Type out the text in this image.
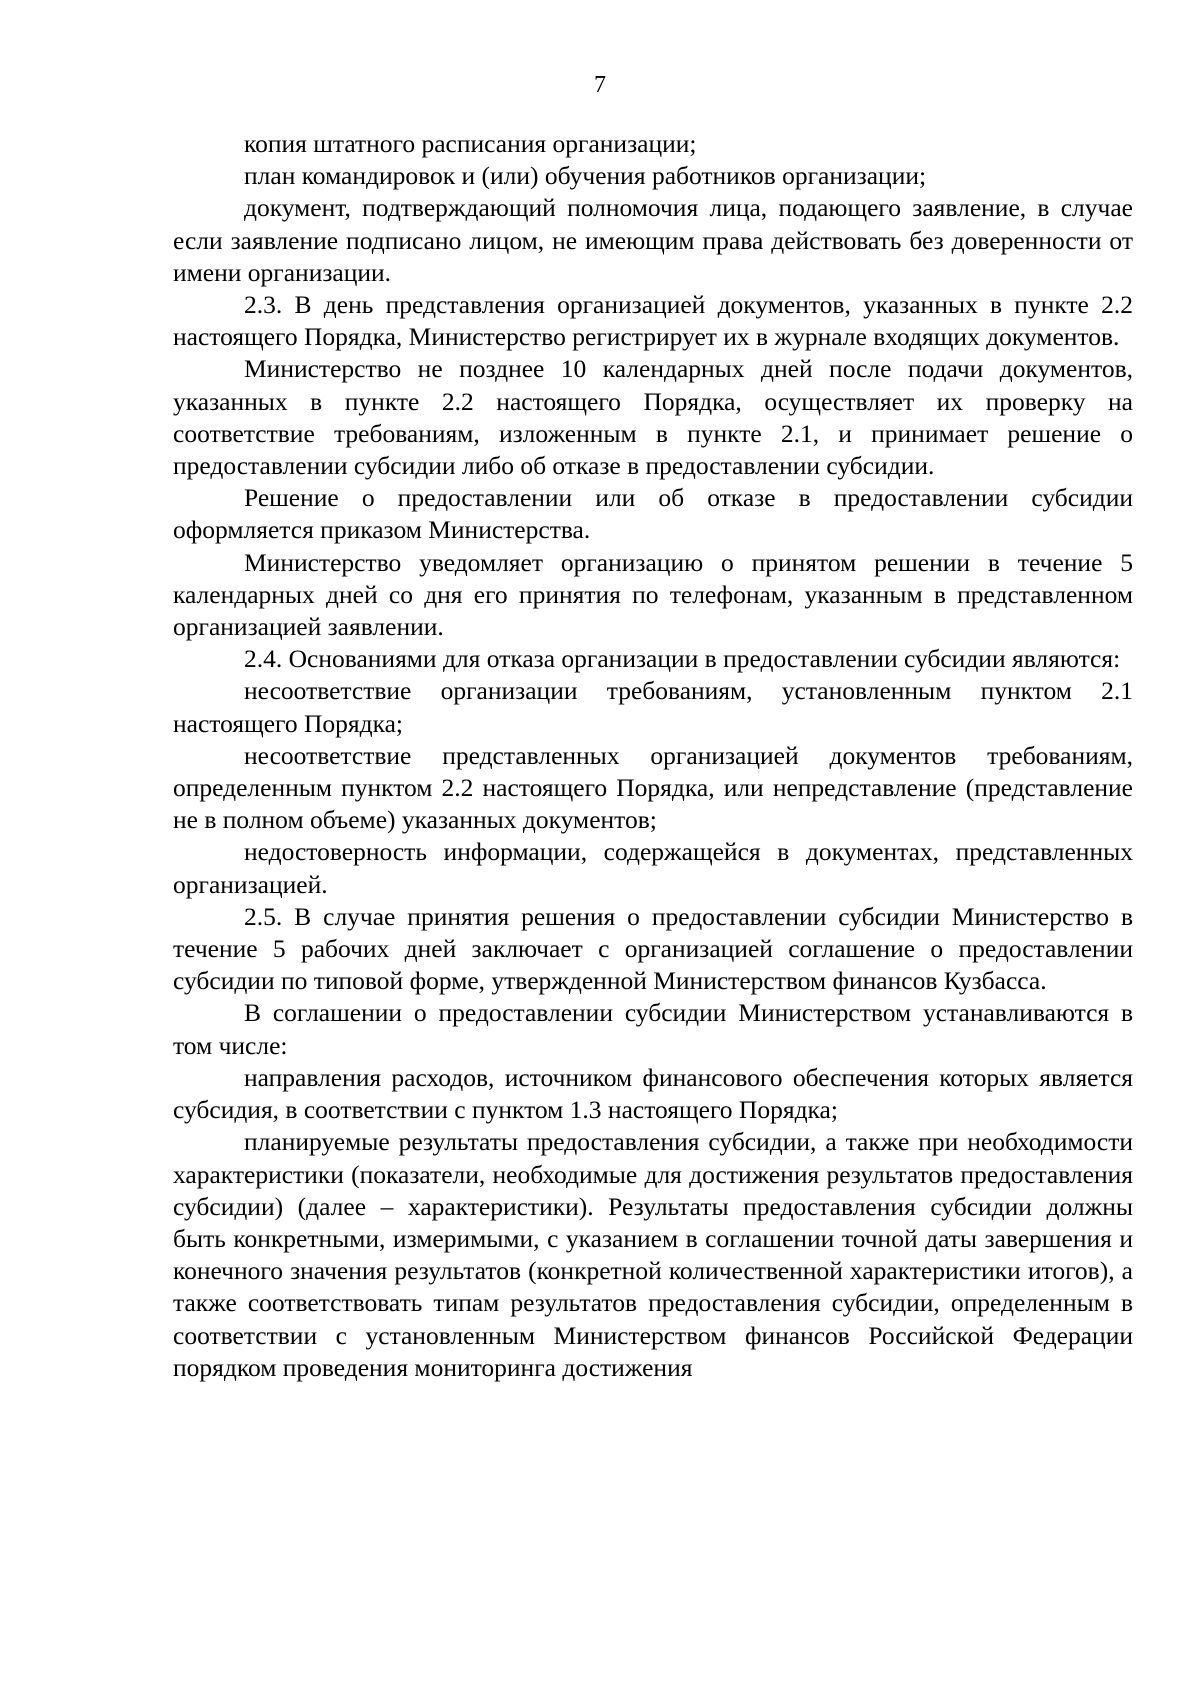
7

копия штатного расписания организации;

план командировок и (или) обучения работников организации;

документ, подтверждающий полномочия лица, подающего заявление, в случае если заявление подписано лицом, не имеющим права действовать без доверенности от имени организации.

2.3. В день представления организацией документов, указанных в пункте 2.2 настоящего Порядка, Министерство регистрирует их в журнале входящих документов.

Министерство не позднее 10 календарных дней после подачи документов, указанных в пункте 2.2 настоящего Порядка, осуществляет их проверку на соответствие требованиям, изложенным в пункте 2.1, и принимает решение о предоставлении субсидии либо об отказе в предоставлении субсидии.

Решение о предоставлении или об отказе в предоставлении субсидии оформляется приказом Министерства.

Министерство уведомляет организацию о принятом решении в течение 5 календарных дней со дня его принятия по телефонам, указанным в представленном организацией заявлении.

2.4. Основаниями для отказа организации в предоставлении субсидии являются:

несоответствие организации требованиям, установленным пунктом 2.1 настоящего Порядка;

несоответствие представленных организацией документов требованиям, определенным пунктом 2.2 настоящего Порядка, или непредставление (представление не в полном объеме) указанных документов;

недостоверность информации, содержащейся в документах, представленных организацией.

2.5. В случае принятия решения о предоставлении субсидии Министерство в течение 5 рабочих дней заключает с организацией соглашение о предоставлении субсидии по типовой форме, утвержденной Министерством финансов Кузбасса.

В соглашении о предоставлении субсидии Министерством устанавливаются в том числе:

направления расходов, источником финансового обеспечения которых является субсидия, в соответствии с пунктом 1.3 настоящего Порядка;

планируемые результаты предоставления субсидии, а также при необходимости характеристики (показатели, необходимые для достижения результатов предоставления субсидии) (далее – характеристики). Результаты предоставления субсидии должны быть конкретными, измеримыми, с указанием в соглашении точной даты завершения и конечного значения результатов (конкретной количественной характеристики итогов), а также соответствовать типам результатов предоставления субсидии, определенным в соответствии с установленным Министерством финансов Российской Федерации порядком проведения мониторинга достижения
